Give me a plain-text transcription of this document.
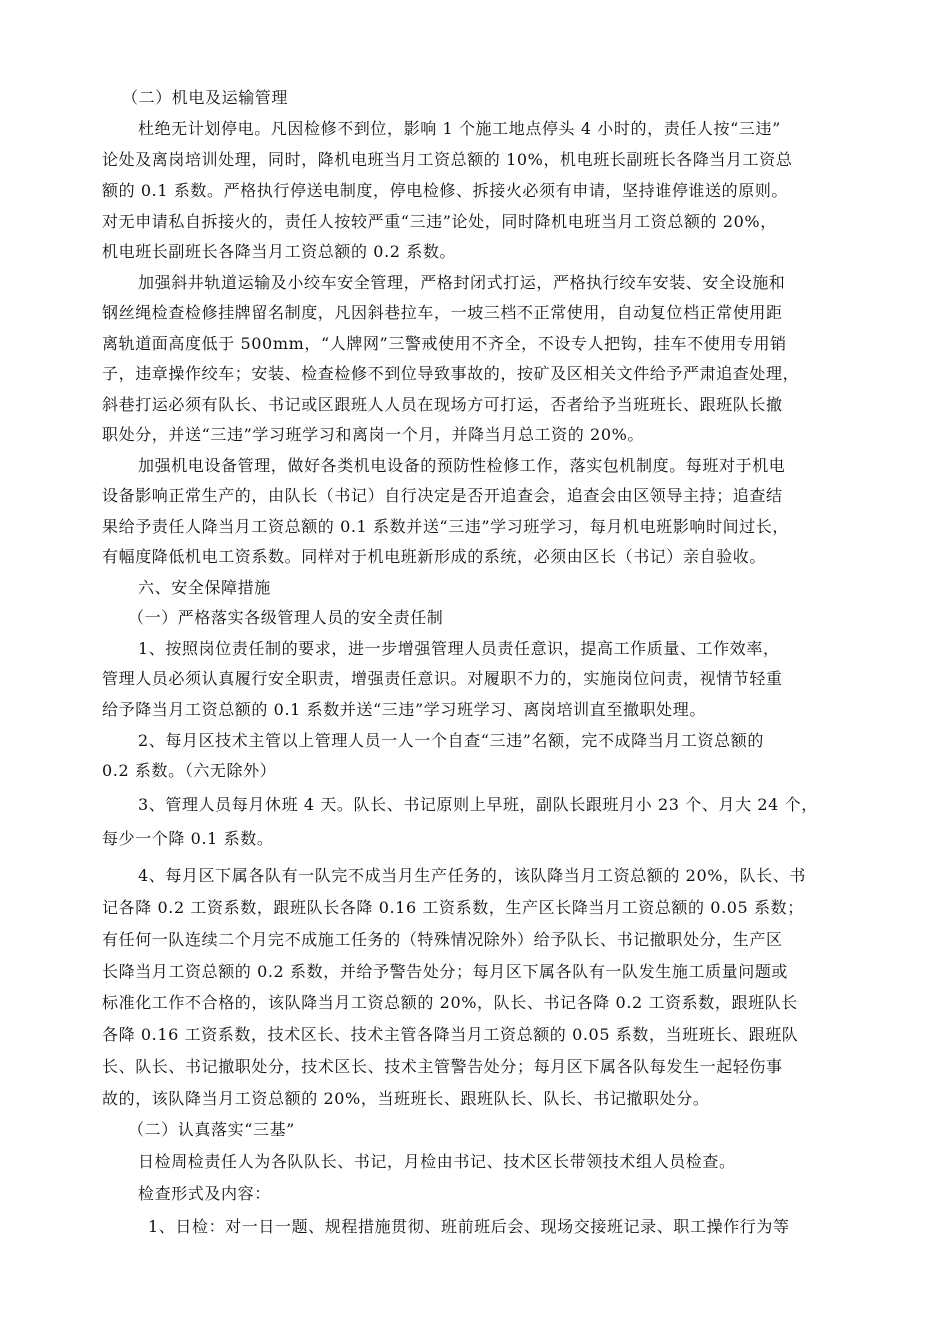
（二）机电及运输管理
杜绝无计划停电。凡因检修不到位，影响 1 个施工地点停头 4 小时的，责任人按“三违”
论处及离岗培训处理，同时，降机电班当月工资总额的 10%，机电班长副班长各降当月工资总
额的 0.1 系数。严格执行停送电制度，停电检修、拆接火必须有申请，坚持谁停谁送的原则。
对无申请私自拆接火的，责任人按较严重“三违”论处，同时降机电班当月工资总额的 20%，
机电班长副班长各降当月工资总额的 0.2 系数。
加强斜井轨道运输及小绞车安全管理，严格封闭式打运，严格执行绞车安装、安全设施和
钢丝绳检查检修挂牌留名制度，凡因斜巷拉车，一坡三档不正常使用，自动复位档正常使用距
离轨道面高度低于 500mm，“人牌网”三警戒使用不齐全，不设专人把钩，挂车不使用专用销
子，违章操作绞车；安装、检查检修不到位导致事故的，按矿及区相关文件给予严肃追查处理，
斜巷打运必须有队长、书记或区跟班人人员在现场方可打运，否者给予当班班长、跟班队长撤
职处分，并送“三违”学习班学习和离岗一个月，并降当月总工资的 20%。
加强机电设备管理，做好各类机电设备的预防性检修工作，落实包机制度。每班对于机电
设备影响正常生产的，由队长（书记）自行决定是否开追查会，追查会由区领导主持；追查结
果给予责任人降当月工资总额的 0.1 系数并送“三违”学习班学习，每月机电班影响时间过长，
有幅度降低机电工资系数。同样对于机电班新形成的系统，必须由区长（书记）亲自验收。
六、安全保障措施
（一）严格落实各级管理人员的安全责任制
1、按照岗位责任制的要求，进一步增强管理人员责任意识，提高工作质量、工作效率，
管理人员必须认真履行安全职责，增强责任意识。对履职不力的，实施岗位问责，视情节轻重
给予降当月工资总额的 0.1 系数并送“三违”学习班学习、离岗培训直至撤职处理。
2、每月区技术主管以上管理人员一人一个自查“三违”名额，完不成降当月工资总额的
0.2 系数。（六无除外）
3、管理人员每月休班 4 天。队长、书记原则上早班，副队长跟班月小 23 个、月大 24 个，
每少一个降 0.1 系数。
4、每月区下属各队有一队完不成当月生产任务的，该队降当月工资总额的 20%，队长、书
记各降 0.2 工资系数，跟班队长各降 0.16 工资系数，生产区长降当月工资总额的 0.05 系数；
有任何一队连续二个月完不成施工任务的（特殊情况除外）给予队长、书记撤职处分，生产区
长降当月工资总额的 0.2 系数，并给予警告处分；每月区下属各队有一队发生施工质量问题或
标准化工作不合格的，该队降当月工资总额的 20%，队长、书记各降 0.2 工资系数，跟班队长
各降 0.16 工资系数，技术区长、技术主管各降当月工资总额的 0.05 系数，当班班长、跟班队
长、队长、书记撤职处分，技术区长、技术主管警告处分；每月区下属各队每发生一起轻伤事
故的，该队降当月工资总额的 20%，当班班长、跟班队长、队长、书记撤职处分。
（二）认真落实“三基”
日检周检责任人为各队队长、书记，月检由书记、技术区长带领技术组人员检查。
检查形式及内容：
1、日检：对一日一题、规程措施贯彻、班前班后会、现场交接班记录、职工操作行为等
